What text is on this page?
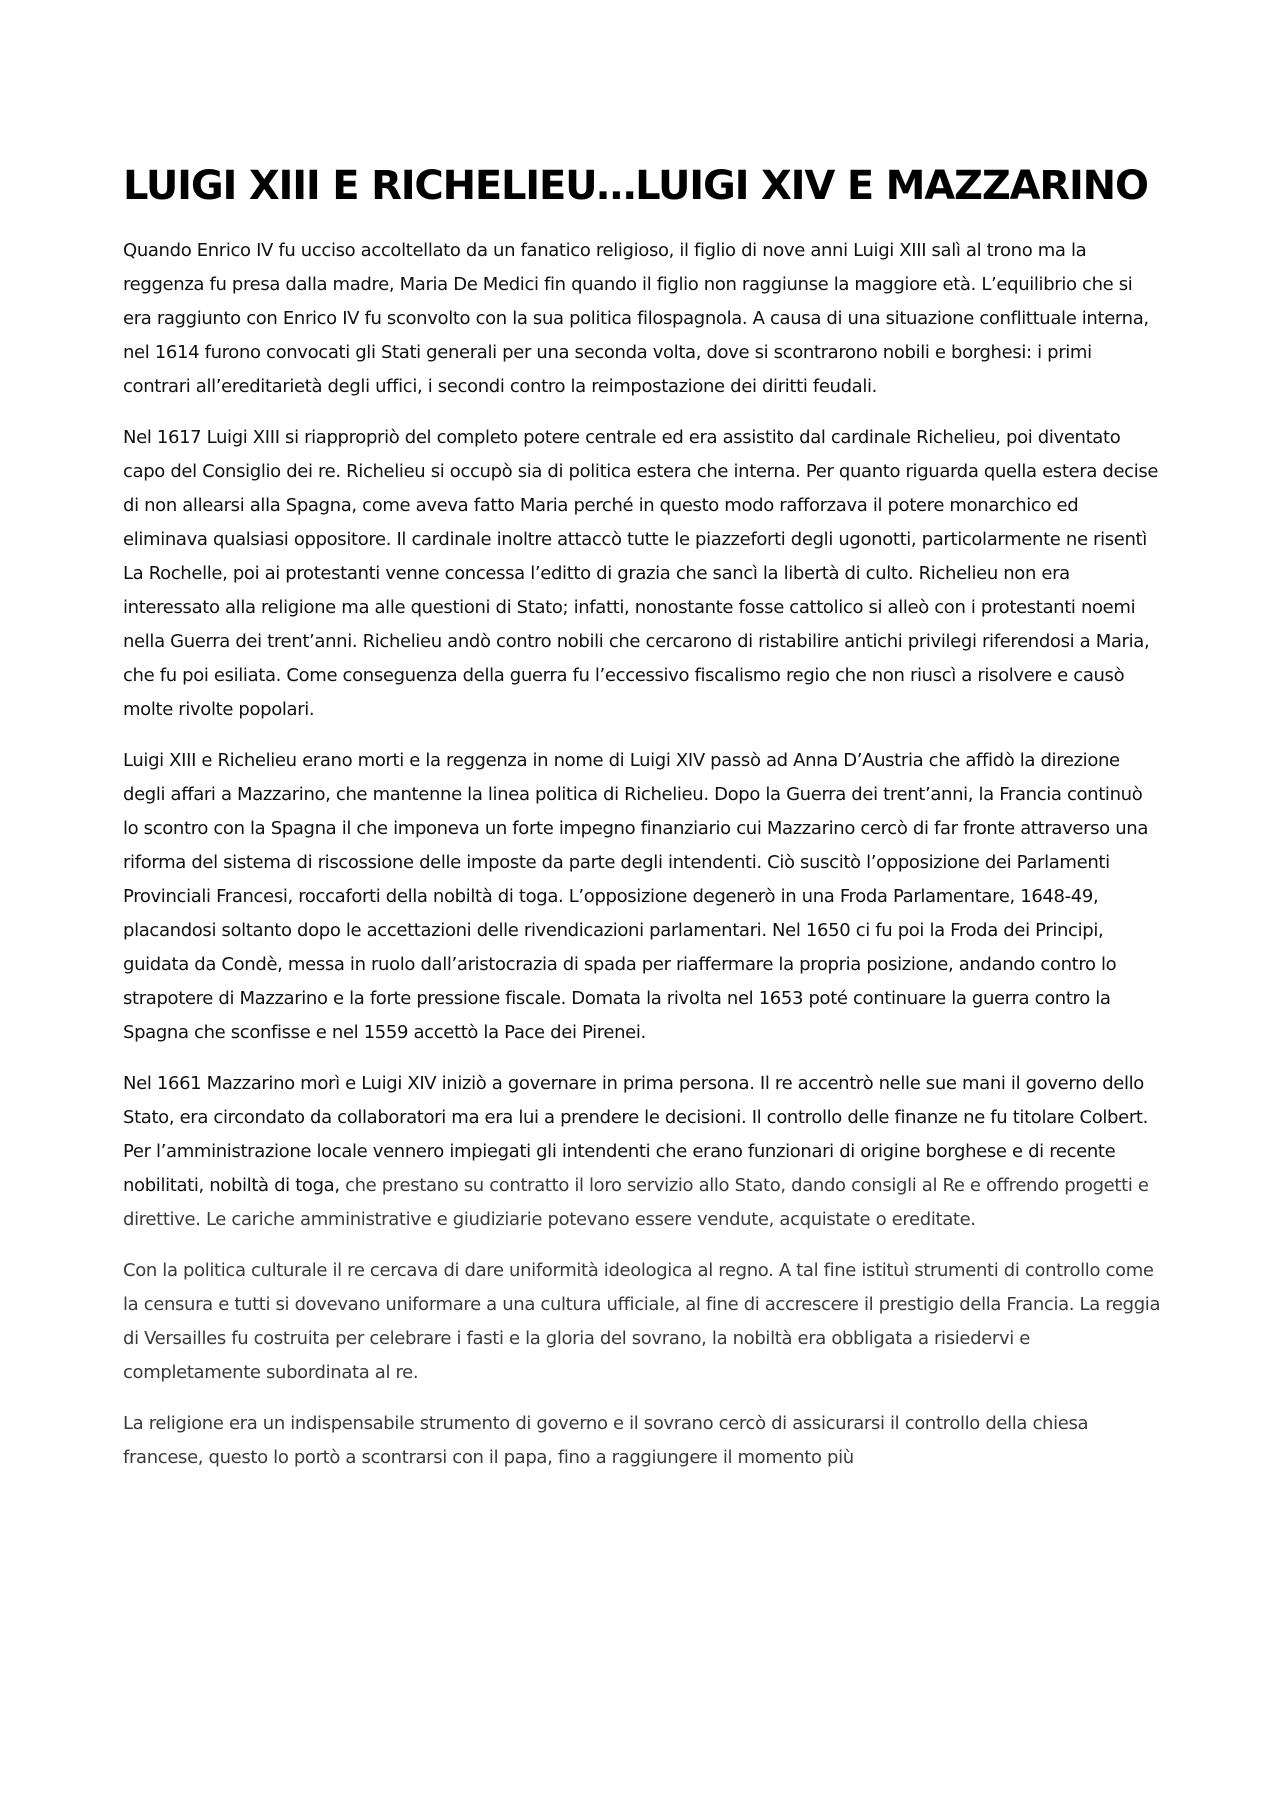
LUIGI XIII E RICHELIEU…LUIGI XIV E MAZZARINO

Quando Enrico IV fu ucciso accoltellato da un fanatico religioso, il figlio di nove anni Luigi XIII salì al trono ma la reggenza fu presa dalla madre, Maria De Medici fin quando il figlio non raggiunse la maggiore età. L’equilibrio che si era raggiunto con Enrico IV fu sconvolto con la sua politica filospagnola. A causa di una situazione conflittuale interna, nel 1614 furono convocati gli Stati generali per una seconda volta, dove si scontrarono nobili e borghesi: i primi contrari all’ereditarietà degli uffici, i secondi contro la reimpostazione dei diritti feudali.

Nel 1617 Luigi XIII si riappropriò del completo potere centrale ed era assistito dal cardinale Richelieu, poi diventato capo del Consiglio dei re. Richelieu si occupò sia di politica estera che interna. Per quanto riguarda quella estera decise di non allearsi alla Spagna, come aveva fatto Maria perché in questo modo rafforzava il potere monarchico ed eliminava qualsiasi oppositore. Il cardinale inoltre attaccò tutte le piazzeforti degli ugonotti, particolarmente ne risentì La Rochelle, poi ai protestanti venne concessa l’editto di grazia che sancì la libertà di culto. Richelieu non era interessato alla religione ma alle questioni di Stato; infatti, nonostante fosse cattolico si alleò con i protestanti noemi nella Guerra dei trent’anni. Richelieu andò contro nobili che cercarono di ristabilire antichi privilegi riferendosi a Maria, che fu poi esiliata. Come conseguenza della guerra fu l’eccessivo fiscalismo regio che non riuscì a risolvere e causò molte rivolte popolari.

Luigi XIII e Richelieu erano morti e la reggenza in nome di Luigi XIV passò ad Anna D’Austria che affidò la direzione degli affari a Mazzarino, che mantenne la linea politica di Richelieu. Dopo la Guerra dei trent’anni, la Francia continuò lo scontro con la Spagna il che imponeva un forte impegno finanziario cui Mazzarino cercò di far fronte attraverso una riforma del sistema di riscossione delle imposte da parte degli intendenti. Ciò suscitò l’opposizione dei Parlamenti Provinciali Francesi, roccaforti della nobiltà di toga. L’opposizione degenerò in una Froda Parlamentare, 1648-49, placandosi soltanto dopo le accettazioni delle rivendicazioni parlamentari. Nel 1650 ci fu poi la Froda dei Principi, guidata da Condè, messa in ruolo dall’aristocrazia di spada per riaffermare la propria posizione, andando contro lo strapotere di Mazzarino e la forte pressione fiscale. Domata la rivolta nel 1653 poté continuare la guerra contro la Spagna che sconfisse e nel 1559 accettò la Pace dei Pirenei.

Nel 1661 Mazzarino morì e Luigi XIV iniziò a governare in prima persona. Il re accentrò nelle sue mani il governo dello Stato, era circondato da collaboratori ma era lui a prendere le decisioni. Il controllo delle finanze ne fu titolare Colbert. Per l’amministrazione locale vennero impiegati gli intendenti che erano funzionari di origine borghese e di recente nobilitati, nobiltà di toga, che prestano su contratto il loro servizio allo Stato, dando consigli al Re e offrendo progetti e direttive. Le cariche amministrative e giudiziarie potevano essere vendute, acquistate o ereditate.

Con la politica culturale il re cercava di dare uniformità ideologica al regno. A tal fine istituì strumenti di controllo come la censura e tutti si dovevano uniformare a una cultura ufficiale, al fine di accrescere il prestigio della Francia. La reggia di Versailles fu costruita per celebrare i fasti e la gloria del sovrano, la nobiltà era obbligata a risiedervi e completamente subordinata al re.

La religione era un indispensabile strumento di governo e il sovrano cercò di assicurarsi il controllo della chiesa francese, questo lo portò a scontrarsi con il papa, fino a raggiungere il momento più
